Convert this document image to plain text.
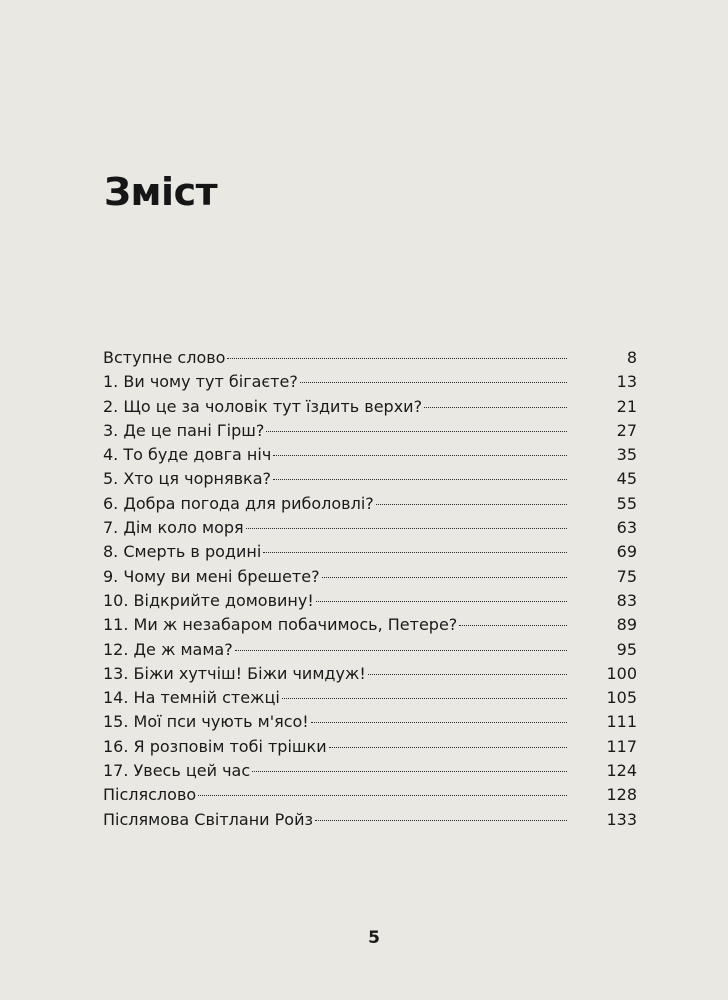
Зміст
Вступне слово	8
1. Ви чому тут бігаєте?	13
2. Що це за чоловік тут їздить верхи?	21
3. Де це пані Гірш?	27
4. То буде довга ніч	35
5. Хто ця чорнявка?	45
6. Добра погода для риболовлі?	55
7. Дім коло моря	63
8. Смерть в родині	69
9. Чому ви мені брешете?	75
10. Відкрийте домовину!	83
11. Ми ж незабаром побачимось, Петере?	89
12. Де ж мама?	95
13. Біжи хутчіш! Біжи чимдуж!	100
14. На темній стежці	105
15. Мої пси чують м'ясо!	111
16. Я розповім тобі трішки	117
17. Увесь цей час	124
Післяслово	128
Післямова Світлани Ройз	133
5
